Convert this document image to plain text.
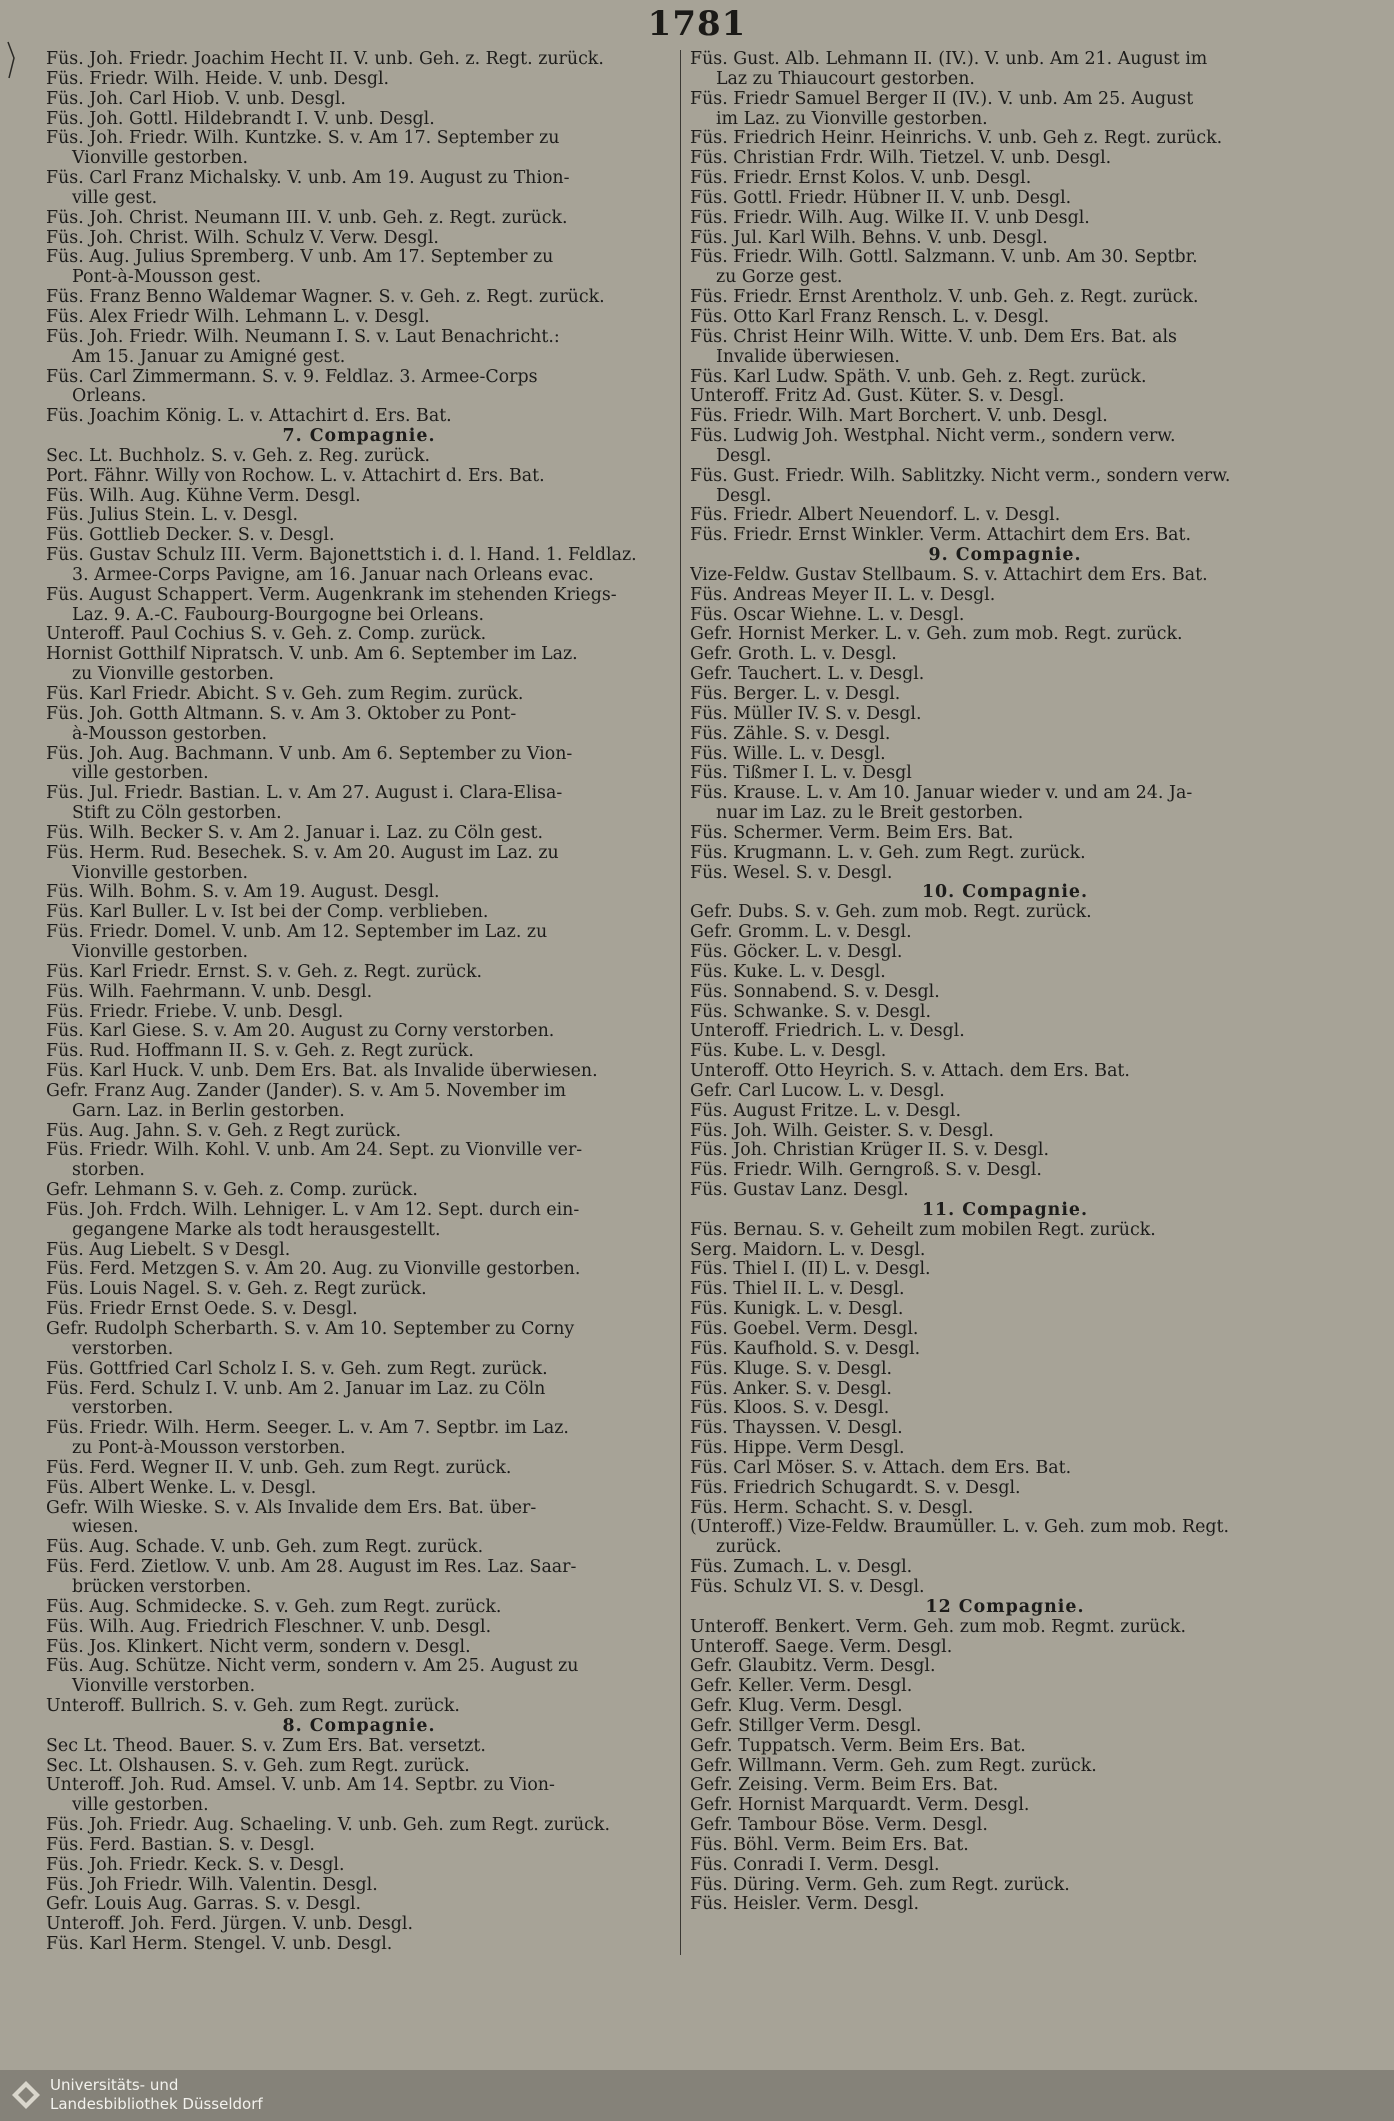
1781
Füs. Joh. Friedr. Joachim Hecht II. V. unb. Geh. z. Regt. zurück.
Füs. Friedr. Wilh. Heide. V. unb. Desgl.
Füs. Joh. Carl Hiob. V. unb. Desgl.
Füs. Joh. Gottl. Hildebrandt I. V. unb. Desgl.
Füs. Joh. Friedr. Wilh. Kuntzke. S. v. Am 17. September zu
Vionville gestorben.
Füs. Carl Franz Michalsky. V. unb. Am 19. August zu Thion-
ville gest.
Füs. Joh. Christ. Neumann III. V. unb. Geh. z. Regt. zurück.
Füs. Joh. Christ. Wilh. Schulz V. Verw. Desgl.
Füs. Aug. Julius Spremberg. V unb. Am 17. September zu
Pont-à-Mousson gest.
Füs. Franz Benno Waldemar Wagner. S. v. Geh. z. Regt. zurück.
Füs. Alex Friedr Wilh. Lehmann L. v. Desgl.
Füs. Joh. Friedr. Wilh. Neumann I. S. v. Laut Benachricht.:
Am 15. Januar zu Amigné gest.
Füs. Carl Zimmermann. S. v. 9. Feldlaz. 3. Armee-Corps
Orleans.
Füs. Joachim König. L. v. Attachirt d. Ers. Bat.
7. Compagnie.
Sec. Lt. Buchholz. S. v. Geh. z. Reg. zurück.
Port. Fähnr. Willy von Rochow. L. v. Attachirt d. Ers. Bat.
Füs. Wilh. Aug. Kühne Verm. Desgl.
Füs. Julius Stein. L. v. Desgl.
Füs. Gottlieb Decker. S. v. Desgl.
Füs. Gustav Schulz III. Verm. Bajonettstich i. d. l. Hand. 1. Feldlaz.
3. Armee-Corps Pavigne, am 16. Januar nach Orleans evac.
Füs. August Schappert. Verm. Augenkrank im stehenden Kriegs-
Laz. 9. A.-C. Faubourg-Bourgogne bei Orleans.
Unteroff. Paul Cochius S. v. Geh. z. Comp. zurück.
Hornist Gotthilf Nipratsch. V. unb. Am 6. September im Laz.
zu Vionville gestorben.
Füs. Karl Friedr. Abicht. S v. Geh. zum Regim. zurück.
Füs. Joh. Gotth Altmann. S. v. Am 3. Oktober zu Pont-
à-Mousson gestorben.
Füs. Joh. Aug. Bachmann. V unb. Am 6. September zu Vion-
ville gestorben.
Füs. Jul. Friedr. Bastian. L. v. Am 27. August i. Clara-Elisa-
Stift zu Cöln gestorben.
Füs. Wilh. Becker S. v. Am 2. Januar i. Laz. zu Cöln gest.
Füs. Herm. Rud. Besechek. S. v. Am 20. August im Laz. zu
Vionville gestorben.
Füs. Wilh. Bohm. S. v. Am 19. August. Desgl.
Füs. Karl Buller. L v. Ist bei der Comp. verblieben.
Füs. Friedr. Domel. V. unb. Am 12. September im Laz. zu
Vionville gestorben.
Füs. Karl Friedr. Ernst. S. v. Geh. z. Regt. zurück.
Füs. Wilh. Faehrmann. V. unb. Desgl.
Füs. Friedr. Friebe. V. unb. Desgl.
Füs. Karl Giese. S. v. Am 20. August zu Corny verstorben.
Füs. Rud. Hoffmann II. S. v. Geh. z. Regt zurück.
Füs. Karl Huck. V. unb. Dem Ers. Bat. als Invalide überwiesen.
Gefr. Franz Aug. Zander (Jander). S. v. Am 5. November im
Garn. Laz. in Berlin gestorben.
Füs. Aug. Jahn. S. v. Geh. z Regt zurück.
Füs. Friedr. Wilh. Kohl. V. unb. Am 24. Sept. zu Vionville ver-
storben.
Gefr. Lehmann S. v. Geh. z. Comp. zurück.
Füs. Joh. Frdch. Wilh. Lehniger. L. v Am 12. Sept. durch ein-
gegangene Marke als todt herausgestellt.
Füs. Aug Liebelt. S v Desgl.
Füs. Ferd. Metzgen S. v. Am 20. Aug. zu Vionville gestorben.
Füs. Louis Nagel. S. v. Geh. z. Regt zurück.
Füs. Friedr Ernst Oede. S. v. Desgl.
Gefr. Rudolph Scherbarth. S. v. Am 10. September zu Corny
verstorben.
Füs. Gottfried Carl Scholz I. S. v. Geh. zum Regt. zurück.
Füs. Ferd. Schulz I. V. unb. Am 2. Januar im Laz. zu Cöln
verstorben.
Füs. Friedr. Wilh. Herm. Seeger. L. v. Am 7. Septbr. im Laz.
zu Pont-à-Mousson verstorben.
Füs. Ferd. Wegner II. V. unb. Geh. zum Regt. zurück.
Füs. Albert Wenke. L. v. Desgl.
Gefr. Wilh Wieske. S. v. Als Invalide dem Ers. Bat. über-
wiesen.
Füs. Aug. Schade. V. unb. Geh. zum Regt. zurück.
Füs. Ferd. Zietlow. V. unb. Am 28. August im Res. Laz. Saar-
brücken verstorben.
Füs. Aug. Schmidecke. S. v. Geh. zum Regt. zurück.
Füs. Wilh. Aug. Friedrich Fleschner. V. unb. Desgl.
Füs. Jos. Klinkert. Nicht verm, sondern v. Desgl.
Füs. Aug. Schütze. Nicht verm, sondern v. Am 25. August zu
Vionville verstorben.
Unteroff. Bullrich. S. v. Geh. zum Regt. zurück.
8. Compagnie.
Sec Lt. Theod. Bauer. S. v. Zum Ers. Bat. versetzt.
Sec. Lt. Olshausen. S. v. Geh. zum Regt. zurück.
Unteroff. Joh. Rud. Amsel. V. unb. Am 14. Septbr. zu Vion-
ville gestorben.
Füs. Joh. Friedr. Aug. Schaeling. V. unb. Geh. zum Regt. zurück.
Füs. Ferd. Bastian. S. v. Desgl.
Füs. Joh. Friedr. Keck. S. v. Desgl.
Füs. Joh Friedr. Wilh. Valentin. Desgl.
Gefr. Louis Aug. Garras. S. v. Desgl.
Unteroff. Joh. Ferd. Jürgen. V. unb. Desgl.
Füs. Karl Herm. Stengel. V. unb. Desgl.
Füs. Gust. Alb. Lehmann II. (IV.). V. unb. Am 21. August im
Laz zu Thiaucourt gestorben.
Füs. Friedr Samuel Berger II (IV.). V. unb. Am 25. August
im Laz. zu Vionville gestorben.
Füs. Friedrich Heinr. Heinrichs. V. unb. Geh z. Regt. zurück.
Füs. Christian Frdr. Wilh. Tietzel. V. unb. Desgl.
Füs. Friedr. Ernst Kolos. V. unb. Desgl.
Füs. Gottl. Friedr. Hübner II. V. unb. Desgl.
Füs. Friedr. Wilh. Aug. Wilke II. V. unb Desgl.
Füs. Jul. Karl Wilh. Behns. V. unb. Desgl.
Füs. Friedr. Wilh. Gottl. Salzmann. V. unb. Am 30. Septbr.
zu Gorze gest.
Füs. Friedr. Ernst Arentholz. V. unb. Geh. z. Regt. zurück.
Füs. Otto Karl Franz Rensch. L. v. Desgl.
Füs. Christ Heinr Wilh. Witte. V. unb. Dem Ers. Bat. als
Invalide überwiesen.
Füs. Karl Ludw. Späth. V. unb. Geh. z. Regt. zurück.
Unteroff. Fritz Ad. Gust. Küter. S. v. Desgl.
Füs. Friedr. Wilh. Mart Borchert. V. unb. Desgl.
Füs. Ludwig Joh. Westphal. Nicht verm., sondern verw.
Desgl.
Füs. Gust. Friedr. Wilh. Sablitzky. Nicht verm., sondern verw.
Desgl.
Füs. Friedr. Albert Neuendorf. L. v. Desgl.
Füs. Friedr. Ernst Winkler. Verm. Attachirt dem Ers. Bat.
9. Compagnie.
Vize-Feldw. Gustav Stellbaum. S. v. Attachirt dem Ers. Bat.
Füs. Andreas Meyer II. L. v. Desgl.
Füs. Oscar Wiehne. L. v. Desgl.
Gefr. Hornist Merker. L. v. Geh. zum mob. Regt. zurück.
Gefr. Groth. L. v. Desgl.
Gefr. Tauchert. L. v. Desgl.
Füs. Berger. L. v. Desgl.
Füs. Müller IV. S. v. Desgl.
Füs. Zähle. S. v. Desgl.
Füs. Wille. L. v. Desgl.
Füs. Tißmer I. L. v. Desgl
Füs. Krause. L. v. Am 10. Januar wieder v. und am 24. Ja-
nuar im Laz. zu le Breit gestorben.
Füs. Schermer. Verm. Beim Ers. Bat.
Füs. Krugmann. L. v. Geh. zum Regt. zurück.
Füs. Wesel. S. v. Desgl.
10. Compagnie.
Gefr. Dubs. S. v. Geh. zum mob. Regt. zurück.
Gefr. Gromm. L. v. Desgl.
Füs. Göcker. L. v. Desgl.
Füs. Kuke. L. v. Desgl.
Füs. Sonnabend. S. v. Desgl.
Füs. Schwanke. S. v. Desgl.
Unteroff. Friedrich. L. v. Desgl.
Füs. Kube. L. v. Desgl.
Unteroff. Otto Heyrich. S. v. Attach. dem Ers. Bat.
Gefr. Carl Lucow. L. v. Desgl.
Füs. August Fritze. L. v. Desgl.
Füs. Joh. Wilh. Geister. S. v. Desgl.
Füs. Joh. Christian Krüger II. S. v. Desgl.
Füs. Friedr. Wilh. Gerngroß. S. v. Desgl.
Füs. Gustav Lanz. Desgl.
11. Compagnie.
Füs. Bernau. S. v. Geheilt zum mobilen Regt. zurück.
Serg. Maidorn. L. v. Desgl.
Füs. Thiel I. (II) L. v. Desgl.
Füs. Thiel II. L. v. Desgl.
Füs. Kunigk. L. v. Desgl.
Füs. Goebel. Verm. Desgl.
Füs. Kaufhold. S. v. Desgl.
Füs. Kluge. S. v. Desgl.
Füs. Anker. S. v. Desgl.
Füs. Kloos. S. v. Desgl.
Füs. Thayssen. V. Desgl.
Füs. Hippe. Verm Desgl.
Füs. Carl Möser. S. v. Attach. dem Ers. Bat.
Füs. Friedrich Schugardt. S. v. Desgl.
Füs. Herm. Schacht. S. v. Desgl.
(Unteroff.) Vize-Feldw. Braumüller. L. v. Geh. zum mob. Regt.
zurück.
Füs. Zumach. L. v. Desgl.
Füs. Schulz VI. S. v. Desgl.
12 Compagnie.
Unteroff. Benkert. Verm. Geh. zum mob. Regmt. zurück.
Unteroff. Saege. Verm. Desgl.
Gefr. Glaubitz. Verm. Desgl.
Gefr. Keller. Verm. Desgl.
Gefr. Klug. Verm. Desgl.
Gefr. Stillger Verm. Desgl.
Gefr. Tuppatsch. Verm. Beim Ers. Bat.
Gefr. Willmann. Verm. Geh. zum Regt. zurück.
Gefr. Zeising. Verm. Beim Ers. Bat.
Gefr. Hornist Marquardt. Verm. Desgl.
Gefr. Tambour Böse. Verm. Desgl.
Füs. Böhl. Verm. Beim Ers. Bat.
Füs. Conradi I. Verm. Desgl.
Füs. Düring. Verm. Geh. zum Regt. zurück.
Füs. Heisler. Verm. Desgl.
Universitäts- und
Landesbibliothek Düsseldorf
